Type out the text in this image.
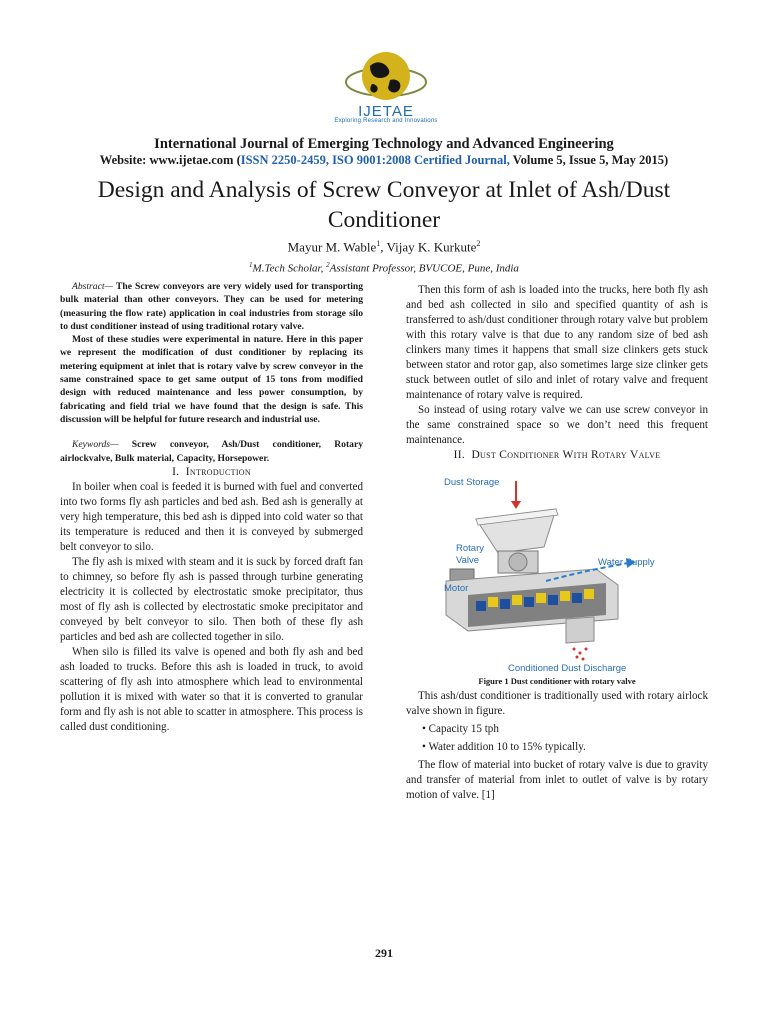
IJETAE
Exploring Research and Innovations
International Journal of Emerging Technology and Advanced Engineering
Website: www.ijetae.com (ISSN 2250-2459, ISO 9001:2008 Certified Journal, Volume 5, Issue 5, May 2015)
Design and Analysis of Screw Conveyor at Inlet of Ash/Dust Conditioner
Mayur M. Wable$^1$, Vijay K. Kurkute$^2$
$^1$M.Tech Scholar, $^2$Assistant Professor, BVUCOE, Pune, India

Abstract— The Screw conveyors are very widely used for transporting bulk material than other conveyors. They can be used for metering (measuring the flow rate) application in coal industries from storage silo to dust conditioner instead of using traditional rotary valve.

Most of these studies were experimental in nature. Here in this paper we represent the modification of dust conditioner by replacing its metering equipment at inlet that is rotary valve by screw conveyor in the same constrained space to get same output of 15 tons from modified design with reduced maintenance and less power consumption, by fabricating and field trial we have found that the design is safe. This discussion will be helpful for future research and industrial use.

Keywords— Screw conveyor, Ash/Dust conditioner, Rotary airlockvalve, Bulk material, Capacity, Horsepower.

I. Introduction

In boiler when coal is feeded it is burned with fuel and converted into two forms fly ash particles and bed ash. Bed ash is generally at very high temperature, this bed ash is dipped into cold water so that its temperature is reduced and then it is conveyed by submerged belt conveyor to silo.

The fly ash is mixed with steam and it is suck by forced draft fan to chimney, so before fly ash is passed through turbine generating electricity it is collected by electrostatic smoke precipitator, thus most of fly ash is collected by electrostatic smoke precipitator and conveyed by belt conveyor to silo. Then both of these fly ash particles and bed ash are collected together in silo.

When silo is filled its valve is opened and both fly ash and bed ash loaded to trucks. Before this ash is loaded in truck, to avoid scattering of fly ash into atmosphere which lead to environmental pollution it is mixed with water so that it is converted to granular form and fly ash is not able to scatter in atmosphere. This process is called dust conditioning.

Then this form of ash is loaded into the trucks, here both fly ash and bed ash collected in silo and specified quantity of ash is transferred to ash/dust conditioner through rotary valve but problem with this rotary valve is that due to any random size of bed ash clinkers many times it happens that small size clinkers gets stuck between stator and rotor gap, also sometimes large size clinker gets stuck between outlet of silo and inlet of rotary valve and frequent maintenance of rotary valve is required.

So instead of using rotary valve we can use screw conveyor in the same constrained space so we don’t need this frequent maintenance.

II. Dust Conditioner With Rotary Valve

Dust Storage
Rotary
Valve	Water Supply
Motor
Conditioned Dust Discharge

Figure 1 Dust conditioner with rotary valve

This ash/dust conditioner is traditionally used with rotary airlock valve shown in figure.

• Capacity 15 tph

• Water addition 10 to 15% typically.

The flow of material into bucket of rotary valve is due to gravity and transfer of material from inlet to outlet of valve is by rotary motion of valve. [1]

291
